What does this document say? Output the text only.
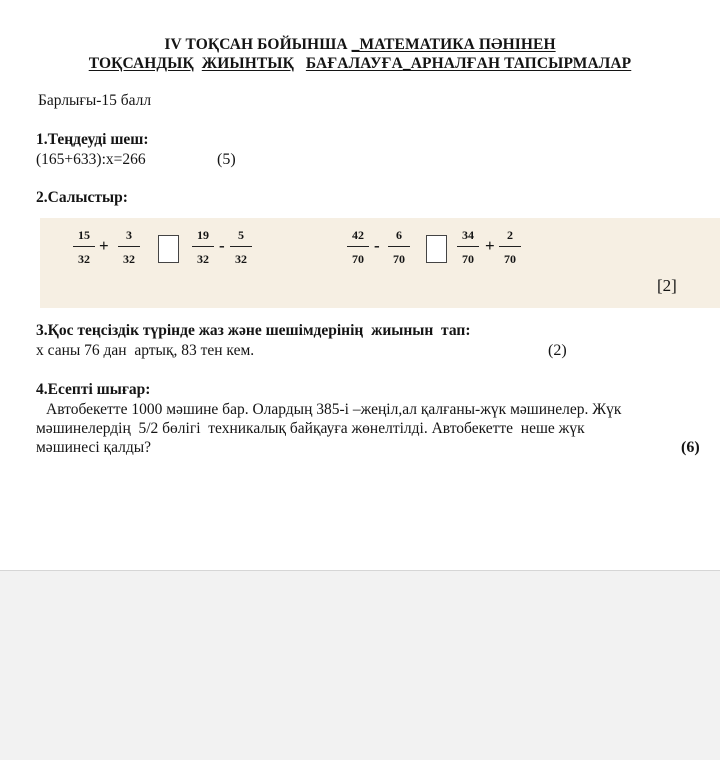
IV ТОҚСАН БОЙЫНША _МАТЕМАТИКА ПӘНІНЕН
ТОҚСАНДЫҚ ЖИЫНТЫҚ БАҒАЛАУҒА_АРНАЛҒАН ТАПСЫРМАЛАР
Барлығы-15 балл
1.Теңдеуді шеш:
(165+633):х=266	(5)
2.Салыстыр:
15
32
+
3
32
19
32
-
5
32
42
70
-
6
70
34
70
+
2
70
[2]
3.Қос теңсіздік түрінде жаз және шешімдерінің  жиынын  тап:
х саны 76 дан  артық, 83 тен кем.	(2)
4.Есепті шығар:
Автобекетте 1000 мәшине бар. Олардың 385-і –жеңіл,ал қалғаны-жүк мәшинелер. Жүк
мәшинелердің  5/2 бөлігі  техникалық байқауға жөнелтілді. Автобекетте  неше жүк
мәшинесі қалды?	(6)
